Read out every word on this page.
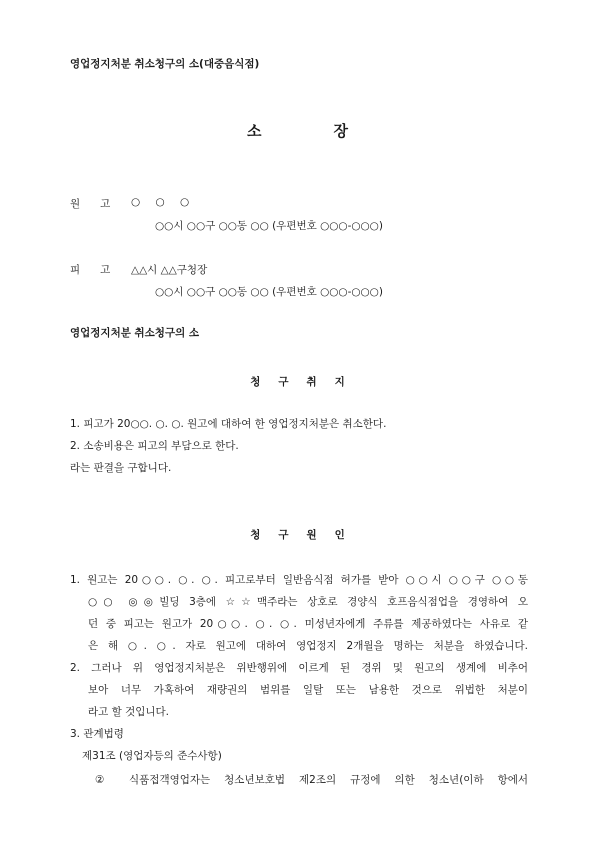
영업정지처분 취소청구의 소(대중음식점)
소	장
원 고 ○ ○ ○
○○시 ○○구 ○○동 ○○ (우편번호 ○○○-○○○)
피 고 △△시 △△구청장
○○시 ○○구 ○○동 ○○ (우편번호 ○○○-○○○)
영업정지처분 취소청구의 소
청 구 취 지
1. 피고가 20○○. ○. ○. 원고에 대하여 한 영업정지처분은 취소한다.
2. 소송비용은 피고의 부담으로 한다.
라는 판결을 구합니다.
청 구 원 인
1. 원고는 20○○. ○. ○. 피고로부터 일반음식점 허가를 받아 ○○시 ○○구 ○○동
○○ ◎◎빌딩 3층에 ☆☆맥주라는 상호로 경양식 호프음식점업을 경영하여 오
던 중 피고는 원고가 20○○. ○. ○. 미성년자에게 주류를 제공하였다는 사유로 같
은 해 ○. ○. 자로 원고에 대하여 영업정지 2개월을 명하는 처분을 하였습니다.
2. 그러나 위 영업정지처분은 위반행위에 이르게 된 경위 및 원고의 생계에 비추어
보아 너무 가혹하여 재량권의 범위를 일탈 또는 남용한 것으로 위법한 처분이
라고 할 것입니다.
3. 관계법령
제31조 (영업자등의 준수사항)
② 식품접객영업자는 청소년보호법 제2조의 규정에 의한 청소년(이하 항에서
